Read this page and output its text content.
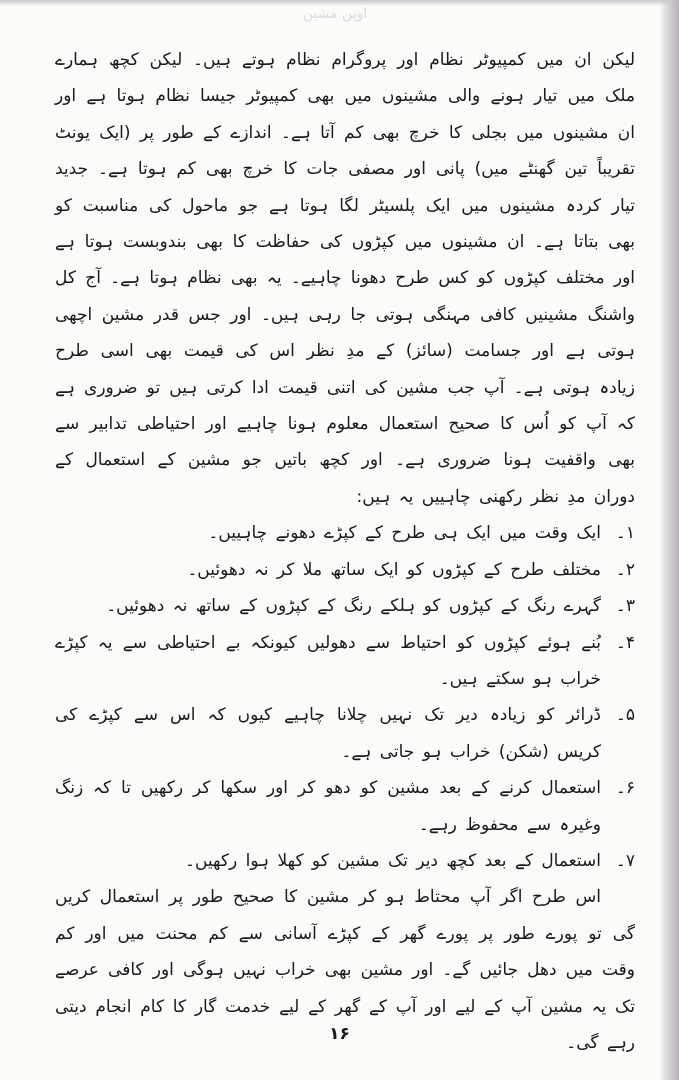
اوپن مشین

لیکن ان میں کمپیوٹر نظام اور پروگرام نظام ہوتے ہیں۔ لیکن کچھ ہمارے ملک میں تیار ہونے والی مشینوں میں بھی کمپیوٹر جیسا نظام ہوتا ہے اور ان مشینوں میں بجلی کا خرچ بھی کم آتا ہے۔ اندازے کے طور پر (ایک یونٹ تقریباً تین گھنٹے میں) پانی اور مصفی جات کا خرچ بھی کم ہوتا ہے۔ جدید تیار کردہ مشینوں میں ایک پلسیٹر لگا ہوتا ہے جو ماحول کی مناسبت کو بھی بتاتا ہے۔ ان مشینوں میں کپڑوں کی حفاظت کا بھی بندوبست ہوتا ہے اور مختلف کپڑوں کو کس طرح دھونا چاہیے۔ یہ بھی نظام ہوتا ہے۔ آج کل واشنگ مشینیں کافی مہنگی ہوتی جا رہی ہیں۔ اور جس قدر مشین اچھی ہوتی ہے اور جسامت (سائز) کے مدِ نظر اس کی قیمت بھی اسی طرح زیادہ ہوتی ہے۔ آپ جب مشین کی اتنی قیمت ادا کرتی ہیں تو ضروری ہے کہ آپ کو اُس کا صحیح استعمال معلوم ہونا چاہیے اور احتیاطی تدابیر سے بھی واقفیت ہونا ضروری ہے۔ اور کچھ باتیں جو مشین کے استعمال کے دوران مدِ نظر رکھنی چاہییں یہ ہیں:

۱۔
ایک وقت میں ایک ہی طرح کے کپڑے دھونے چاہییں۔
۲۔
مختلف طرح کے کپڑوں کو ایک ساتھ ملا کر نہ دھوئیں۔
۳۔
گہرے رنگ کے کپڑوں کو ہلکے رنگ کے کپڑوں کے ساتھ نہ دھوئیں۔
۴۔
بُنے ہوئے کپڑوں کو احتیاط سے دھولیں کیونکہ بے احتیاطی سے یہ کپڑے خراب ہو سکتے ہیں۔
۵۔
ڈرائر کو زیادہ دیر تک نہیں چلانا چاہیے کیوں کہ اس سے کپڑے کی کریس (شکن) خراب ہو جاتی ہے۔
۶۔
استعمال کرنے کے بعد مشین کو دھو کر اور سکھا کر رکھیں تا کہ زنگ وغیرہ سے محفوظ رہے۔
۷۔
استعمال کے بعد کچھ دیر تک مشین کو کھلا ہوا رکھیں۔

اس طرح اگر آپ محتاط ہو کر مشین کا صحیح طور پر استعمال کریں گی تو پورے طور پر پورے گھر کے کپڑے آسانی سے کم محنت میں اور کم وقت میں دھل جائیں گے۔ اور مشین بھی خراب نہیں ہوگی اور کافی عرصے تک یہ مشین آپ کے لیے اور آپ کے گھر کے لیے خدمت گار کا کام انجام دیتی رہے گی۔

۱۶
